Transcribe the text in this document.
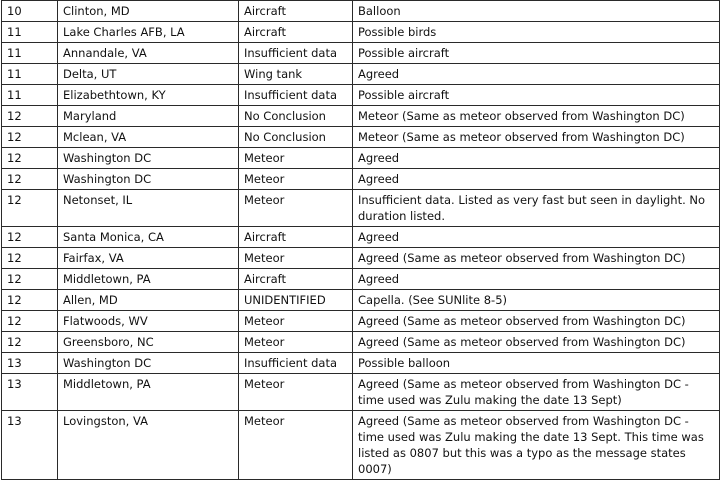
10	Clinton, MD	Aircraft	Balloon
11	Lake Charles AFB, LA	Aircraft	Possible birds
11	Annandale, VA	Insufficient data	Possible aircraft
11	Delta, UT	Wing tank	Agreed
11	Elizabethtown, KY	Insufficient data	Possible aircraft
12	Maryland	No Conclusion	Meteor (Same as meteor observed from Washington DC)
12	Mclean, VA	No Conclusion	Meteor (Same as meteor observed from Washington DC)
12	Washington DC	Meteor	Agreed
12	Washington DC	Meteor	Agreed
12	Netonset, IL	Meteor	Insufficient data. Listed as very fast but seen in daylight. No duration listed.
12	Santa Monica, CA	Aircraft	Agreed
12	Fairfax, VA	Meteor	Agreed (Same as meteor observed from Washington DC)
12	Middletown, PA	Aircraft	Agreed
12	Allen, MD	UNIDENTIFIED	Capella. (See SUNlite 8-5)
12	Flatwoods, WV	Meteor	Agreed (Same as meteor observed from Washington DC)
12	Greensboro, NC	Meteor	Agreed (Same as meteor observed from Washington DC)
13	Washington DC	Insufficient data	Possible balloon
13	Middletown, PA	Meteor	Agreed (Same as meteor observed from Washington DC - time used was Zulu making the date 13 Sept)
13	Lovingston, VA	Meteor	Agreed (Same as meteor observed from Washington DC - time used was Zulu making the date 13 Sept. This time was listed as 0807 but this was a typo as the message states 0007)
